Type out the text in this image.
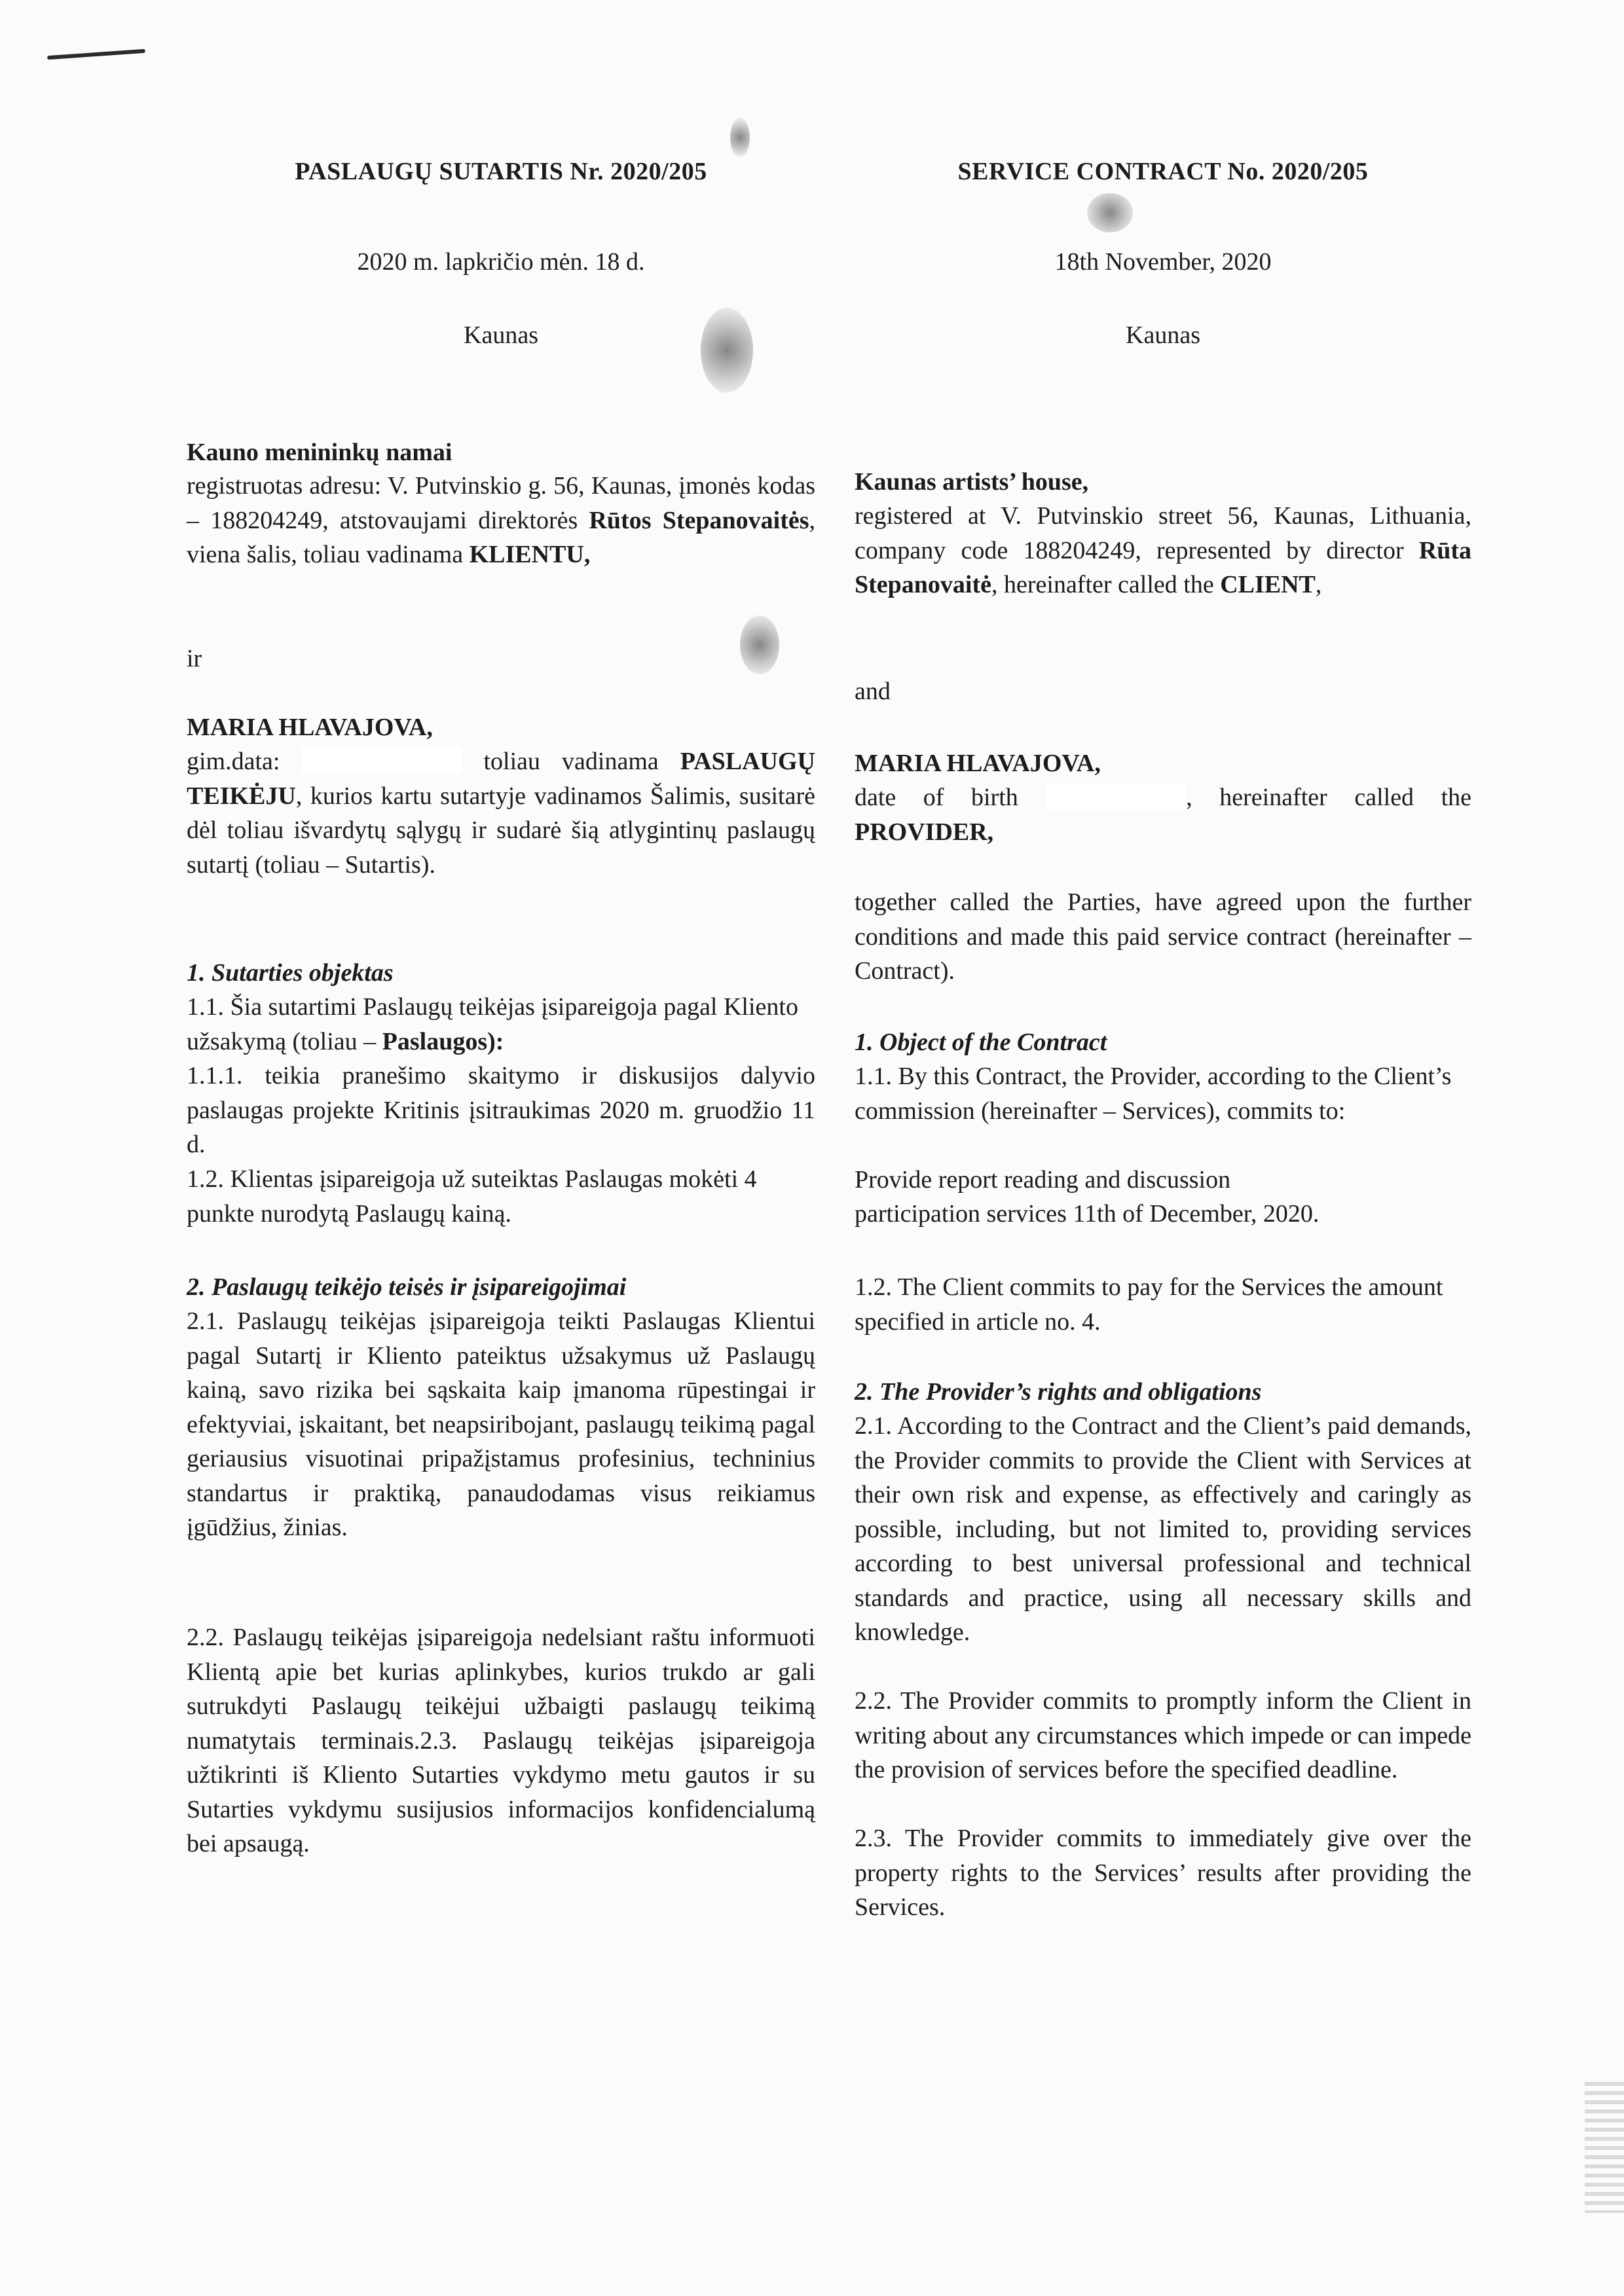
PASLAUGŲ SUTARTIS Nr. 2020/205
2020 m. lapkričio mėn. 18 d.
Kaunas
Kauno menininkų namai
registruotas adresu: V. Putvinskio g. 56, Kaunas, įmonės kodas – 188204249, atstovaujami direktorės Rūtos Stepanovaitės, viena šalis, toliau vadinama KLIENTU,
ir
MARIA HLAVAJOVA,
gim.data:	toliau vadinama PASLAUGŲ TEIKĖJU, kurios kartu sutartyje vadinamos Šalimis, susitarė dėl toliau išvardytų sąlygų ir sudarė šią atlygintinų paslaugų sutartį (toliau – Sutartis).
1. Sutarties objektas
1.1. Šia sutartimi Paslaugų teikėjas įsipareigoja pagal Kliento užsakymą (toliau – Paslaugos):
1.1.1. teikia pranešimo skaitymo ir diskusijos dalyvio paslaugas projekte Kritinis įsitraukimas 2020 m. gruodžio 11 d.
1.2. Klientas įsipareigoja už suteiktas Paslaugas mokėti 4 punkte nurodytą Paslaugų kainą.
2. Paslaugų teikėjo teisės ir įsipareigojimai
2.1. Paslaugų teikėjas įsipareigoja teikti Paslaugas Klientui pagal Sutartį ir Kliento pateiktus užsakymus už Paslaugų kainą, savo rizika bei sąskaita kaip įmanoma rūpestingai ir efektyviai, įskaitant, bet neapsiribojant, paslaugų teikimą pagal geriausius visuotinai pripažįstamus profesinius, techninius standartus ir praktiką, panaudodamas visus reikiamus įgūdžius, žinias.
2.2. Paslaugų teikėjas įsipareigoja nedelsiant raštu informuoti Klientą apie bet kurias aplinkybes, kurios trukdo ar gali sutrukdyti Paslaugų teikėjui užbaigti paslaugų teikimą numatytais terminais.2.3. Paslaugų teikėjas įsipareigoja užtikrinti iš Kliento Sutarties vykdymo metu gautos ir su Sutarties vykdymu susijusios informacijos konfidencialumą bei apsaugą.
SERVICE CONTRACT No. 2020/205
18th November, 2020
Kaunas
Kaunas artists’ house,
registered at V. Putvinskio street 56, Kaunas, Lithuania, company code 188204249, represented by director Rūta Stepanovaitė, hereinafter called the CLIENT,
and
MARIA HLAVAJOVA,
date of birth	, hereinafter called the PROVIDER,
together called the Parties, have agreed upon the further conditions and made this paid service contract (hereinafter – Contract).
1. Object of the Contract
1.1. By this Contract, the Provider, according to the Client’s commission (hereinafter – Services), commits to:
Provide report reading and discussion
participation services 11th of December, 2020.
1.2. The Client commits to pay for the Services the amount specified in article no. 4.
2. The Provider’s rights and obligations
2.1. According to the Contract and the Client’s paid demands, the Provider commits to provide the Client with Services at their own risk and expense, as effectively and caringly as possible, including, but not limited to, providing services according to best universal professional and technical standards and practice, using all necessary skills and knowledge.
2.2. The Provider commits to promptly inform the Client in writing about any circumstances which impede or can impede the provision of services before the specified deadline.
2.3. The Provider commits to immediately give over the property rights to the Services’ results after providing the Services.
